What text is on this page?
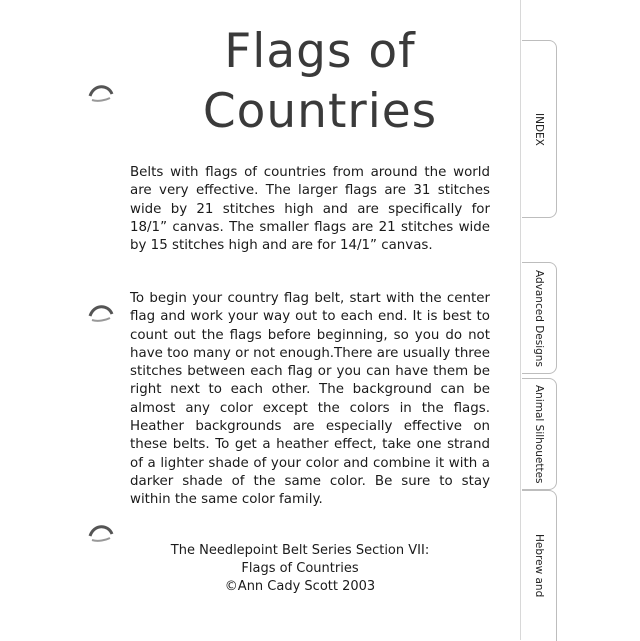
Flags of
Countries
Belts with flags of countries from around the world are very effective. The larger flags are 31 stitches wide by 21 stitches high and are specifically for 18/1” canvas. The smaller flags are 21 stitches wide by 15 stitches high and are for 14/1” canvas.
To begin your country flag belt, start with the center flag and work your way out to each end. It is best to count out the flags before beginning, so you do not have too many or not enough.There are usually three stitches between each flag or you can have them be right next to each other. The background can be almost any color except the colors in the flags. Heather backgrounds are especially effective on these belts. To get a heather effect, take one strand of a lighter shade of your color and combine it with a darker shade of the same color. Be sure to stay within the same color family.
The Needlepoint Belt Series Section VII:
Flags of Countries
©Ann Cady Scott 2003
INDEX
Advanced Designs
Animal Silhouettes
Hebrew and
